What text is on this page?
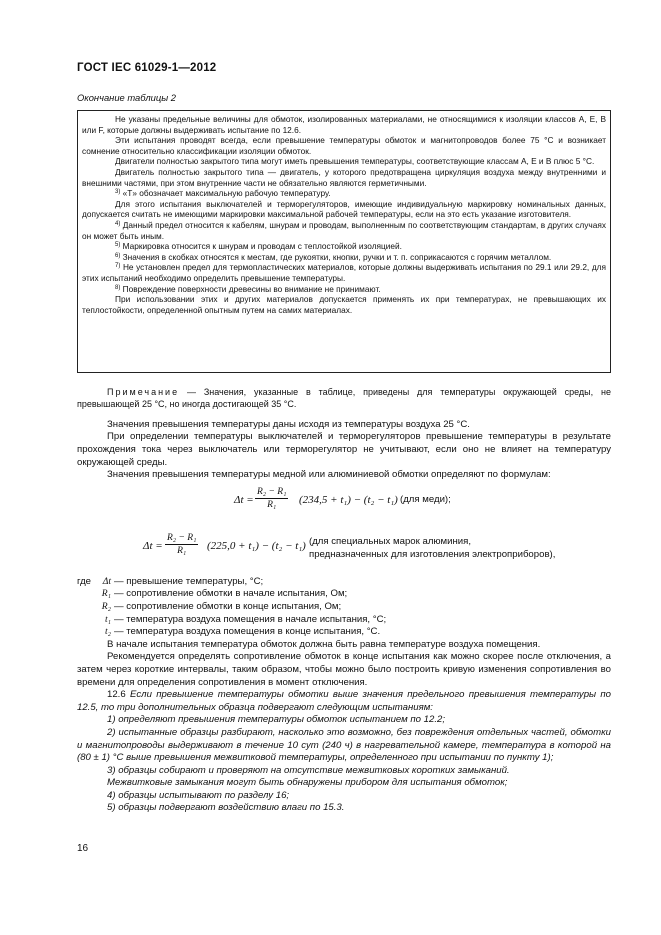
ГОСТ IEC 61029-1—2012
Окончание таблицы 2

Не указаны предельные величины для обмоток, изолированных материалами, не относящимися к изоляции классов А, E, В или F, которые должны выдерживать испытание по 12.6.

Эти испытания проводят всегда, если превышение температуры обмоток и магнитопроводов более 75 °С и возникает сомнение относительно классификации изоляции обмоток.

Двигатели полностью закрытого типа могут иметь превышения температуры, соответствующие классам А, Е и В плюс 5 °С.

Двигатель полностью закрытого типа — двигатель, у которого предотвращена циркуляция воздуха между внутренними и внешними частями, при этом внутренние части не обязательно являются герметичными.

$^{3)}$ «T» обозначает максимальную рабочую температуру.

Для этого испытания выключателей и терморегуляторов, имеющие индивидуальную маркировку номинальных данных, допускается считать не имеющими маркировки максимальной рабочей температуры, если на это есть указание изготовителя.

$^{4)}$ Данный предел относится к кабелям, шнурам и проводам, выполненным по соответствующим стандартам, в других случаях он может быть иным.

$^{5)}$ Маркировка относится к шнурам и проводам с теплостойкой изоляцией.

$^{6)}$ Значения в скобках относятся к местам, где рукоятки, кнопки, ручки и т. п. соприкасаются с горячим металлом.

$^{7)}$ Не установлен предел для термопластических материалов, которые должны выдерживать испытания по 29.1 или 29.2, для этих испытаний необходимо определить превышение температуры.

$^{8)}$ Повреждение поверхности древесины во внимание не принимают.

При использовании этих и других материалов допускается применять их при температурах, не превышающих их теплостойкости, определенной опытным путем на самих материалах.

Примечание — Значения, указанные в таблице, приведены для температуры окружающей среды, не превышающей 25 °С, но иногда достигающей 35 °С.

Значения превышения температуры даны исходя из температуры воздуха 25 °С.

При определении температуры выключателей и терморегуляторов превышение температуры в результате прохождения тока через выключатель или терморегулятор не учитывают, если оно не влияет на температуру окружающей среды.

Значения превышения температуры медной или алюминиевой обмотки определяют по формулам:

$\Delta t = \frac{\text{R₂ − R₁}}{\text{R₁}} (234,5 + t_1) - (t_2 - t_1)$ (для меди);
$\Delta t = \frac{\text{R₂ − R₁}}{\text{R₁}} (225,0 + t_1) - (t_2 - t_1)$ (для специальных марок алюминия,
предназначенных для изготовления электроприборов),
где	Δt — превышение температуры, °С;
R₁ — сопротивление обмотки в начале испытания, Ом;
R₂ — сопротивление обмотки в конце испытания, Ом;
t₁ — температура воздуха помещения в начале испытания, °С;
t₂ — температура воздуха помещения в конце испытания, °С.

В начале испытания температура обмоток должна быть равна температуре воздуха помещения.

Рекомендуется определять сопротивление обмоток в конце испытания как можно скорее после отключения, а затем через короткие интервалы, таким образом, чтобы можно было построить кривую изменения сопротивления во времени для определения сопротивления в момент отключения.

12.6 Если превышение температуры обмотки выше значения предельного превышения температуры по 12.5, то три дополнительных образца подвергают следующим испытаниям:

1) определяют превышения температуры обмоток испытанием по 12.2;

2) испытанные образцы разбирают, насколько это возможно, без повреждения отдельных частей, обмотки и магнитопроводы выдерживают в течение 10 сут (240 ч) в нагревательной камере, температура в которой на (80 ± 1) °С выше превышения межвитковой температуры, определенного при испытании по пункту 1);

3) образцы собирают и проверяют на отсутствие межвитковых коротких замыканий.

Межвитковые замыкания могут быть обнаружены прибором для испытания обмоток;

4) образцы испытывают по разделу 16;

5) образцы подвергают воздействию влаги по 15.3.

16
